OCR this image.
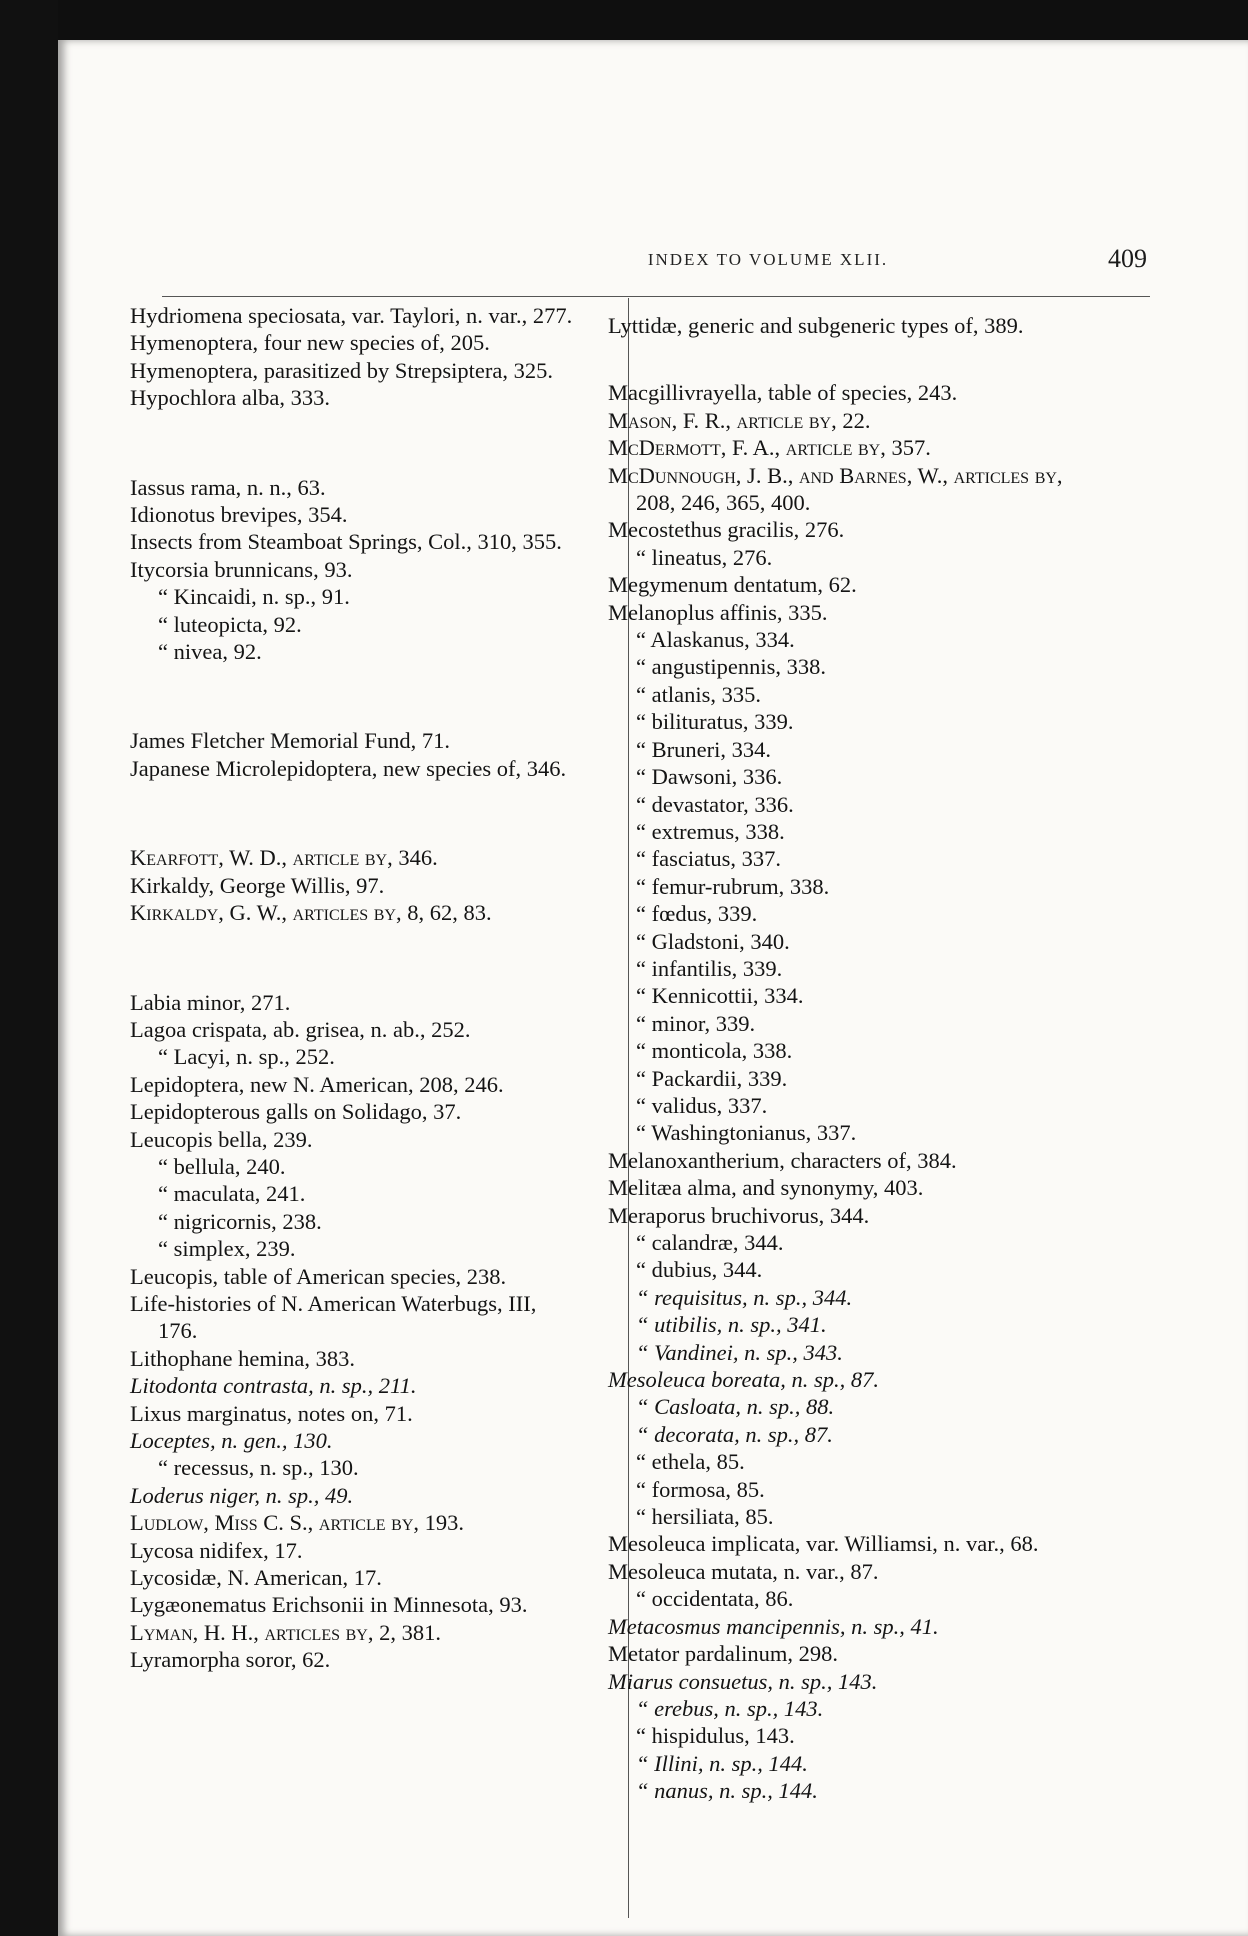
INDEX TO VOLUME XLII.	409
Hydriomena speciosata, var. Taylori, n. var., 277.
Hymenoptera, four new species of, 205.
Hymenoptera, parasitized by Strepsiptera, 325.
Hypochlora alba, 333.
Iassus rama, n. n., 63.
Idionotus brevipes, 354.
Insects from Steamboat Springs, Col., 310, 355.
Itycorsia brunnicans, 93.
“ Kincaidi, n. sp., 91.
“ luteopicta, 92.
“ nivea, 92.
James Fletcher Memorial Fund, 71.
Japanese Microlepidoptera, new species of, 346.
Kearfott, W. D., article by, 346.
Kirkaldy, George Willis, 97.
Kirkaldy, G. W., articles by, 8, 62, 83.
Labia minor, 271.
Lagoa crispata, ab. grisea, n. ab., 252.
“ Lacyi, n. sp., 252.
Lepidoptera, new N. American, 208, 246.
Lepidopterous galls on Solidago, 37.
Leucopis bella, 239.
“ bellula, 240.
“ maculata, 241.
“ nigricornis, 238.
“ simplex, 239.
Leucopis, table of American species, 238.
Life-histories of N. American Waterbugs, III, 176.
Lithophane hemina, 383.
Litodonta contrasta, n. sp., 211.
Lixus marginatus, notes on, 71.
Loceptes, n. gen., 130.
“ recessus, n. sp., 130.
Loderus niger, n. sp., 49.
Ludlow, Miss C. S., article by, 193.
Lycosa nidifex, 17.
Lycosidæ, N. American, 17.
Lygæonematus Erichsonii in Minnesota, 93.
Lyman, H. H., articles by, 2, 381.
Lyramorpha soror, 62.
Lyttidæ, generic and subgeneric types of, 389.
Macgillivrayella, table of species, 243.
Mason, F. R., article by, 22.
McDermott, F. A., article by, 357.
McDunnough, J. B., and Barnes, W., articles by, 208, 246, 365, 400.
Mecostethus gracilis, 276.
“ lineatus, 276.
Megymenum dentatum, 62.
Melanoplus affinis, 335.
“ Alaskanus, 334.
“ angustipennis, 338.
“ atlanis, 335.
“ bilituratus, 339.
“ Bruneri, 334.
“ Dawsoni, 336.
“ devastator, 336.
“ extremus, 338.
“ fasciatus, 337.
“ femur-rubrum, 338.
“ fœdus, 339.
“ Gladstoni, 340.
“ infantilis, 339.
“ Kennicottii, 334.
“ minor, 339.
“ monticola, 338.
“ Packardii, 339.
“ validus, 337.
“ Washingtonianus, 337.
Melanoxantherium, characters of, 384.
Melitæa alma, and synonymy, 403.
Meraporus bruchivorus, 344.
“ calandræ, 344.
“ dubius, 344.
“ requisitus, n. sp., 344.
“ utibilis, n. sp., 341.
“ Vandinei, n. sp., 343.
Mesoleuca boreata, n. sp., 87.
“ Casloata, n. sp., 88.
“ decorata, n. sp., 87.
“ ethela, 85.
“ formosa, 85.
“ hersiliata, 85.
Mesoleuca implicata, var. Williamsi, n. var., 68.
Mesoleuca mutata, n. var., 87.
“ occidentata, 86.
Metacosmus mancipennis, n. sp., 41.
Metator pardalinum, 298.
Miarus consuetus, n. sp., 143.
“ erebus, n. sp., 143.
“ hispidulus, 143.
“ Illini, n. sp., 144.
“ nanus, n. sp., 144.
